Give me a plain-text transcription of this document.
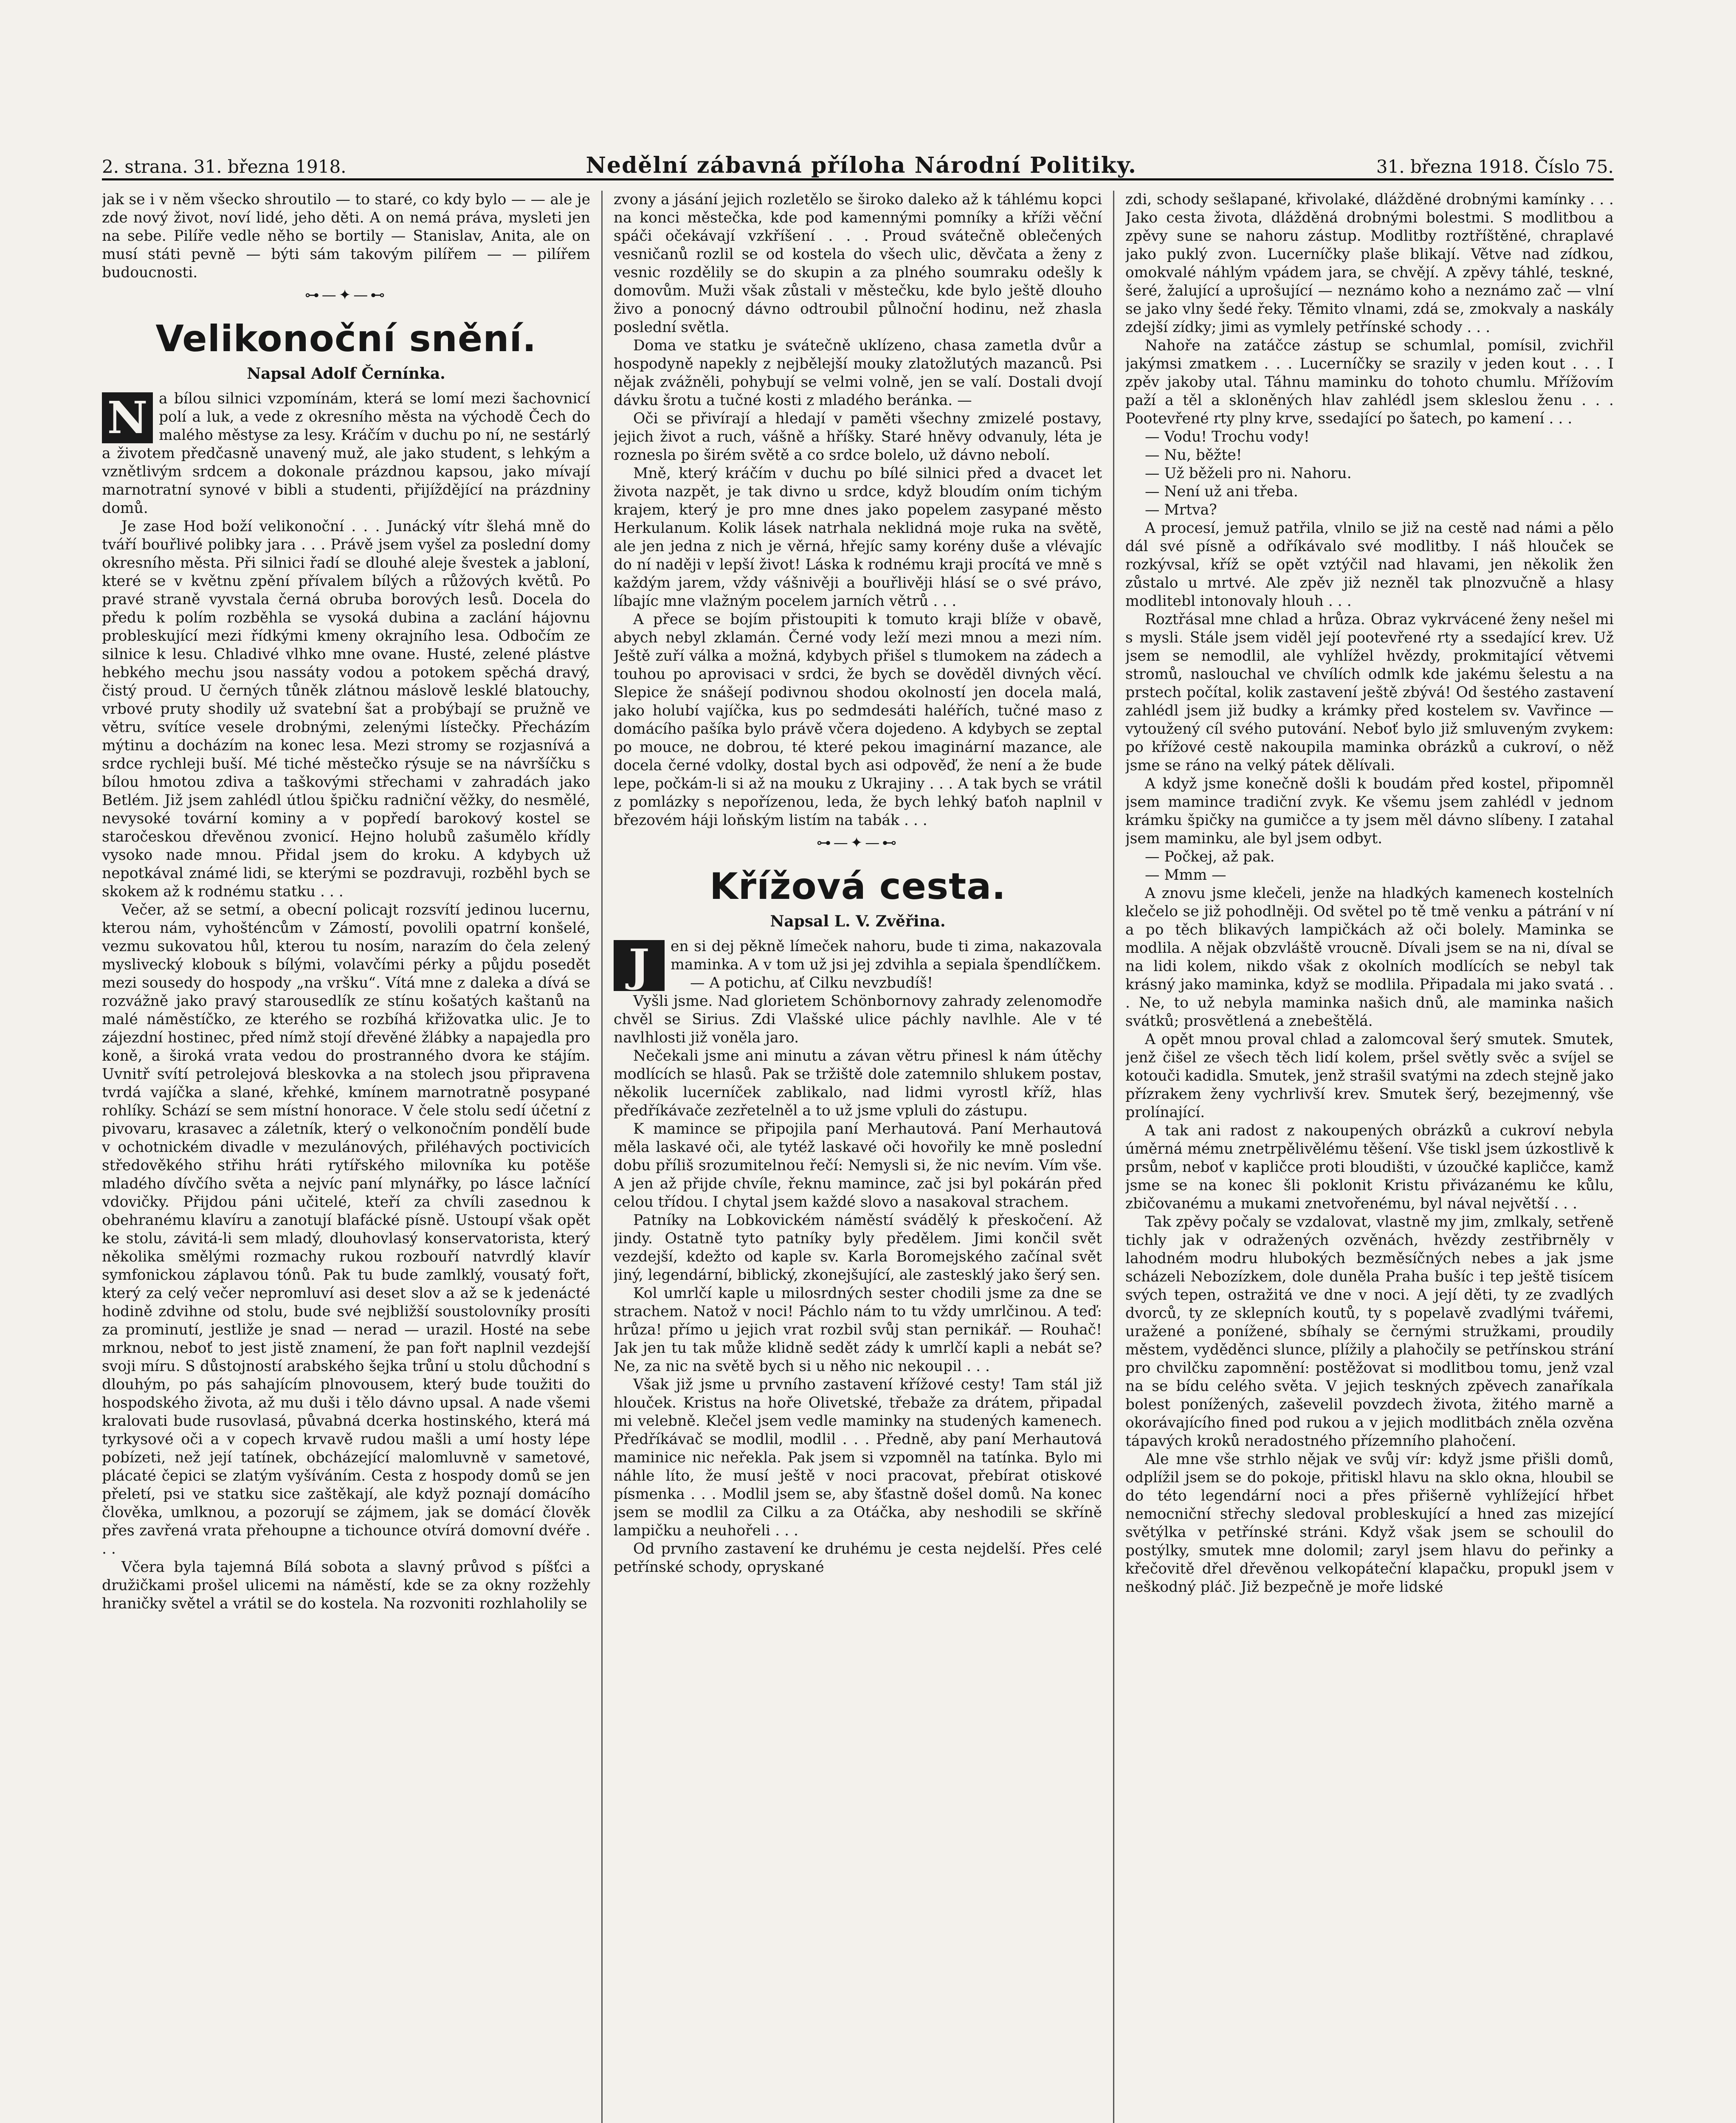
2. strana. 31. března 1918.	Nedělní zábavná příloha Národní Politiky.	31. března 1918. Číslo 75.

jak se i v něm všecko shroutilo — to staré, co kdy bylo — — ale je zde nový život, noví lidé, jeho děti. A on nemá práva, mysleti jen na sebe. Pilíře vedle něho se bortily — Stanislav, Anita, ale on musí státi pevně — býti sám takovým pilířem — — pilířem budoucnosti.

⊶—✦—⊷
Velikonoční snění.
Napsal Adolf Černínka.

N a bílou silnici vzpomínám, která se lomí mezi šachovnicí polí a luk, a vede z okresního města na východě Čech do malého městyse za lesy. Kráčím v duchu po ní, ne sestárlý a životem předčasně unavený muž, ale jako student, s lehkým a vznětlivým srdcem a dokonale prázdnou kapsou, jako mívají marnotratní synové v bibli a studenti, přijíždějící na prázdniny domů.

Je zase Hod boží velikonoční . . . Junácký vítr šlehá mně do tváří bouřlivé polibky jara . . . Právě jsem vyšel za poslední domy okresního města. Při silnici řadí se dlouhé aleje švestek a jabloní, které se v květnu zpění přívalem bílých a růžových květů. Po pravé straně vyvstala černá obruba borových lesů. Docela do předu k polím rozběhla se vysoká dubina a zaclání hájovnu probleskující mezi řídkými kmeny okrajního lesa. Odbočím ze silnice k lesu. Chladivé vlhko mne ovane. Husté, zelené plástve hebkého mechu jsou nassáty vodou a potokem spěchá dravý, čistý proud. U černých tůněk zlátnou máslově lesklé blatouchy, vrbové pruty shodily už svatební šat a probýbají se pružně ve větru, svítíce vesele drobnými, zelenými lístečky. Přecházím mýtinu a docházím na konec lesa. Mezi stromy se rozjasnívá a srdce rychleji buší. Mé tiché městečko rýsuje se na návršíčku s bílou hmotou zdiva a taškovými střechami v zahradách jako Betlém. Již jsem zahlédl útlou špičku radniční věžky, do nesmělé, nevysoké tovární kominy a v popředí barokový kostel se staročeskou dřevěnou zvonicí. Hejno holubů zašumělo křídly vysoko nade mnou. Přidal jsem do kroku. A kdybych už nepotkával známé lidi, se kterými se pozdravuji, rozběhl bych se skokem až k rodnému statku . . .

Večer, až se setmí, a obecní policajt rozsvítí jedinou lucernu, kterou nám, vyhošténcům v Zámostí, povolili opatrní konšelé, vezmu sukovatou hůl, kterou tu nosím, narazím do čela zelený myslivecký klobouk s bílými, volavčími pérky a půjdu posedět mezi sousedy do hospody „na vršku“. Vítá mne z daleka a dívá se rozvážně jako pravý starousedlík ze stínu košatých kaštanů na malé náměstíčko, ze kterého se rozbíhá křižovatka ulic. Je to zájezdní hostinec, před nímž stojí dřevěné žlábky a napajedla pro koně, a široká vrata vedou do prostranného dvora ke stájím. Uvnitř svítí petrolejová bleskovka a na stolech jsou připravena tvrdá vajíčka a slané, křehké, kmínem marnotratně posypané rohlíky. Schází se sem místní honorace. V čele stolu sedí účetní z pivovaru, krasavec a záletník, který o velkonočním pondělí bude v ochotnickém divadle v mezulánových, přiléhavých poctivicích středověkého střihu hráti rytířského milovníka ku potěše mladého dívčího světa a nejvíc paní mlynářky, po lásce lačnící vdovičky. Přijdou páni učitelé, kteří za chvíli zasednou k obehranému klavíru a zanotují blafácké písně. Ustoupí však opět ke stolu, závitá-li sem mladý, dlouhovlasý konservatorista, který několika smělými rozmachy rukou rozbouří natvrdlý klavír symfonickou záplavou tónů. Pak tu bude zamlklý, vousatý fořt, který za celý večer nepromluví asi deset slov a až se k jedenácté hodině zdvihne od stolu, bude své nejbližší soustolovníky prosíti za prominutí, jestliže je snad — nerad — urazil. Hosté na sebe mrknou, neboť to jest jistě znamení, že pan fořt naplnil vezdejší svoji míru. S důstojností arabského šejka trůní u stolu důchodní s dlouhým, po pás sahajícím plnovousem, který bude toužiti do hospodského života, až mu duši i tělo dávno upsal. A nade všemi kralovati bude rusovlasá, půvabná dcerka hostinského, která má tyrkysové oči a v copech krvavě rudou mašli a umí hosty lépe pobízeti, než její tatínek, obcházející malomluvně v sametové, plácaté čepici se zlatým vyšíváním. Cesta z hospody domů se jen přeletí, psi ve statku sice zaštěkají, ale když poznají domácího člověka, umlknou, a pozorují se zájmem, jak se domácí člověk přes zavřená vrata přehoupne a tichounce otvírá domovní dvéře . . .

Včera byla tajemná Bílá sobota a slavný průvod s píšťci a družičkami prošel ulicemi na náměstí, kde se za okny rozžehly hraničky světel a vrátil se do kostela. Na rozvoniti rozhlaholily se

zvony a jásání jejich rozletělo se široko daleko až k táhlému kopci na konci městečka, kde pod kamennými pomníky a kříži věční spáči očekávají vzkříšení . . . Proud svátečně oblečených vesničanů rozlil se od kostela do všech ulic, děvčata a ženy z vesnic rozdělily se do skupin a za plného soumraku odešly k domovům. Muži však zůstali v městečku, kde bylo ještě dlouho živo a ponocný dávno odtroubil půlnoční hodinu, než zhasla poslední světla.

Doma ve statku je svátečně uklízeno, chasa zametla dvůr a hospodyně napekly z nejbělejší mouky zlatožlutých mazanců. Psi nějak zvážněli, pohybují se velmi volně, jen se valí. Dostali dvojí dávku šrotu a tučné kosti z mladého beránka. —

Oči se přivírají a hledají v paměti všechny zmizelé postavy, jejich život a ruch, vášně a hříšky. Staré hněvy odvanuly, léta je roznesla po širém světě a co srdce bolelo, už dávno nebolí.

Mně, který kráčím v duchu po bílé silnici před a dvacet let života nazpět, je tak divno u srdce, když bloudím oním tichým krajem, který je pro mne dnes jako popelem zasypané město Herkulanum. Kolik lásek natrhala neklidná moje ruka na světě, ale jen jedna z nich je věrná, hřejíc samy korény duše a vlévajíc do ní naději v lepší život! Láska k rodnému kraji procítá ve mně s každým jarem, vždy vášnivěji a bouřlivěji hlásí se o své právo, líbajíc mne vlažným pocelem jarních větrů . . .

A přece se bojím přistoupiti k tomuto kraji blíže v obavě, abych nebyl zklamán. Černé vody leží mezi mnou a mezi ním. Ještě zuří válka a možná, kdybych přišel s tlumokem na zádech a touhou po aprovisaci v srdci, že bych se dověděl divných věcí. Slepice že snášejí podivnou shodou okolností jen docela malá, jako holubí vajíčka, kus po sedmdesáti haléřích, tučné maso z domácího pašíka bylo právě včera dojedeno. A kdybych se zeptal po mouce, ne dobrou, té které pekou imaginární mazance, ale docela černé vdolky, dostal bych asi odpověď, že není a že bude lepe, počkám-li si až na mouku z Ukrajiny . . . A tak bych se vrátil z pomlázky s nepořízenou, leda, že bych lehký baťoh naplnil v březovém háji loňským listím na tabák . . .

⊶—✦—⊷
Křížová cesta.
Napsal L. V. Zvěřina.

J	en si dej pěkně límeček nahoru, bude ti zima, nakazovala maminka. A v tom už jsi jej zdvihla a sepiala špendlíčkem.

— A potichu, ať Cilku nevzbudíš!

Vyšli jsme. Nad glorietem Schönbornovy zahrady zelenomodře chvěl se Sirius. Zdi Vlašské ulice páchly navlhle. Ale v té navlhlosti již voněla jaro.

Nečekali jsme ani minutu a závan větru přinesl k nám útěchy modlících se hlasů. Pak se tržiště dole zatemnilo shlukem postav, několik lucerníček zablikalo, nad lidmi vyrostl kříž, hlas předříkávače zezřetelněl a to už jsme vpluli do zástupu.

K mamince se připojila paní Merhautová. Paní Merhautová měla laskavé oči, ale tytéž laskavé oči hovořily ke mně poslední dobu příliš srozumitelnou řečí: Nemysli si, že nic nevím. Vím vše. A jen až přijde chvíle, řeknu mamince, zač jsi byl pokárán před celou třídou. I chytal jsem každé slovo a nasakoval strachem.

Patníky na Lobkovickém náměstí svádělý k přeskočení. Až jindy. Ostatně tyto patníky byly předělem. Jimi končil svět vezdejší, kdežto od kaple sv. Karla Boromejského začínal svět jiný, legendární, biblický, zkonejšující, ale zastesklý jako šerý sen.

Kol umrlčí kaple u milosrdných sester chodili jsme za dne se strachem. Natož v noci! Páchlo nám to tu vždy umrlčinou. A teď: hrůza! přímo u jejich vrat rozbil svůj stan pernikář. — Rouhač! Jak jen tu tak může klidně sedět zády k umrlčí kapli a nebát se? Ne, za nic na světě bych si u něho nic nekoupil . . .

Však již jsme u prvního zastavení křížové cesty! Tam stál již hlouček. Kristus na hoře Olivetské, třebaže za drátem, připadal mi velebně. Klečel jsem vedle maminky na studených kamenech. Předříkávač se modlil, modlil . . . Předně, aby paní Merhautová maminice nic neřekla. Pak jsem si vzpomněl na tatínka. Bylo mi náhle líto, že musí ještě v noci pracovat, přebírat otiskové písmenka . . . Modlil jsem se, aby šťastně došel domů. Na konec jsem se modlil za Cilku a za Otáčka, aby neshodili se skříně lampičku a neuhořeli . . .

Od prvního zastavení ke druhému je cesta nejdelší. Přes celé petřínské schody, opryskané

zdi, schody sešlapané, křivolaké, dlážděné drobnými kamínky . . . Jako cesta života, dlážděná drobnými bolestmi. S modlitbou a zpěvy sune se nahoru zástup. Modlitby roztříštěné, chraplavé jako puklý zvon. Lucerníčky plaše blikají. Větve nad zídkou, omokvalé náhlým vpádem jara, se chvějí. A zpěvy táhlé, teskné, šeré, žalující a uprošující — neznámo koho a neznámo zač — vlní se jako vlny šedé řeky. Těmito vlnami, zdá se, zmokvaly a naskály zdejší zídky; jimi as vymlely petřínské schody . . .

Nahoře na zatáčce zástup se schumlal, pomísil, zvichřil jakýmsi zmatkem . . . Lucerníčky se srazily v jeden kout . . . I zpěv jakoby utal. Táhnu maminku do tohoto chumlu. Mřížovím paží a těl a skloněných hlav zahlédl jsem skleslou ženu . . . Pootevřené rty plny krve, ssedající po šatech, po kamení . . .

— Vodu! Trochu vody!

— Nu, běžte!

— Už běželi pro ni. Nahoru.

— Není už ani třeba.

— Mrtva?

A procesí, jemuž patřila, vlnilo se již na cestě nad námi a pělo dál své písně a odříkávalo své modlitby. I náš hlouček se rozkývsal, kříž se opět vztýčil nad hlavami, jen několik žen zůstalo u mrtvé. Ale zpěv již nezněl tak plnozvučně a hlasy modlitebl intonovaly hlouh . . .

Roztřásal mne chlad a hrůza. Obraz vykrvácené ženy nešel mi s mysli. Stále jsem viděl její pootevřené rty a ssedající krev. Už jsem se nemodlil, ale vyhlížel hvězdy, prokmitající větvemi stromů, naslouchal ve chvílích odmlk kde jakému šelestu a na prstech počítal, kolik zastavení ještě zbývá! Od šestého zastavení zahlédl jsem již budky a krámky před kostelem sv. Vavřince — vytoužený cíl svého putování. Neboť bylo již smluveným zvykem: po křížové cestě nakoupila maminka obrázků a cukroví, o něž jsme se ráno na velký pátek dělívali.

A když jsme konečně došli k boudám před kostel, připomněl jsem mamince tradiční zvyk. Ke všemu jsem zahlédl v jednom krámku špičky na gumičce a ty jsem měl dávno slíbeny. I zatahal jsem maminku, ale byl jsem odbyt.

— Počkej, až pak.

— Mmm —

A znovu jsme klečeli, jenže na hladkých kamenech kostelních klečelo se již pohodlněji. Od světel po tě tmě venku a pátrání v ní a po těch blikavých lampičkách až oči bolely. Maminka se modlila. A nějak obzvláště vroucně. Dívali jsem se na ni, díval se na lidi kolem, nikdo však z okolních modlících se nebyl tak krásný jako maminka, když se modlila. Připadala mi jako svatá . . . Ne, to už nebyla maminka našich dnů, ale maminka našich svátků; prosvětlená a znebeštělá.

A opět mnou proval chlad a zalomcoval šerý smutek. Smutek, jenž čišel ze všech těch lidí kolem, pršel světly svěc a svíjel se kotouči kadidla. Smutek, jenž strašil svatými na zdech stejně jako přízrakem ženy vychrlivší krev. Smutek šerý, bezejmenný, vše prolínající.

A tak ani radost z nakoupených obrázků a cukroví nebyla úměrná mému znetrpělivělému těšení. Vše tiskl jsem úzkostlivě k prsům, neboť v kapličce proti bloudišti, v úzoučké kapličce, kamž jsme se na konec šli poklonit Kristu přivázanému ke kůlu, zbičovanému a mukami znetvořenému, byl nával největší . . .

Tak zpěvy počaly se vzdalovat, vlastně my jim, zmlkaly, setřeně tichly jak v odražených ozvěnách, hvězdy zestřibrněly v lahodném modru hlubokých bezměsíčných nebes a jak jsme scházeli Nebozízkem, dole duněla Praha bušíc i tep ještě tisícem svých tepen, ostražitá ve dne v noci. A její děti, ty ze zvadlých dvorců, ty ze sklepních koutů, ty s popelavě zvadlými tvářemi, uražené a ponížené, sbíhaly se černými stružkami, proudily městem, vyděděnci slunce, plížily a plahočily se petřínskou strání pro chvilčku zapomnění: postěžovat si modlitbou tomu, jenž vzal na se bídu celého světa. V jejich teskných zpěvech zanaříkala bolest ponížených, zaševelil povzdech života, žitého marně a okorávajícího fined pod rukou a v jejich modlitbách zněla ozvěna tápavých kroků neradostného přízemního plahočení.

Ale mne vše strhlo nějak ve svůj vír: když jsme přišli domů, odplížil jsem se do pokoje, přitiskl hlavu na sklo okna, hloubil se do této legendární noci a přes přišerně vyhlížející hřbet nemocniční střechy sledoval probleskující a hned zas mizející světýlka v petřínské stráni. Když však jsem se schoulil do postýlky, smutek mne dolomil; zaryl jsem hlavu do peřinky a křečovitě dřel dřevěnou velkopáteční klapačku, propukl jsem v neškodný pláč. Již bezpečně je moře lidské
